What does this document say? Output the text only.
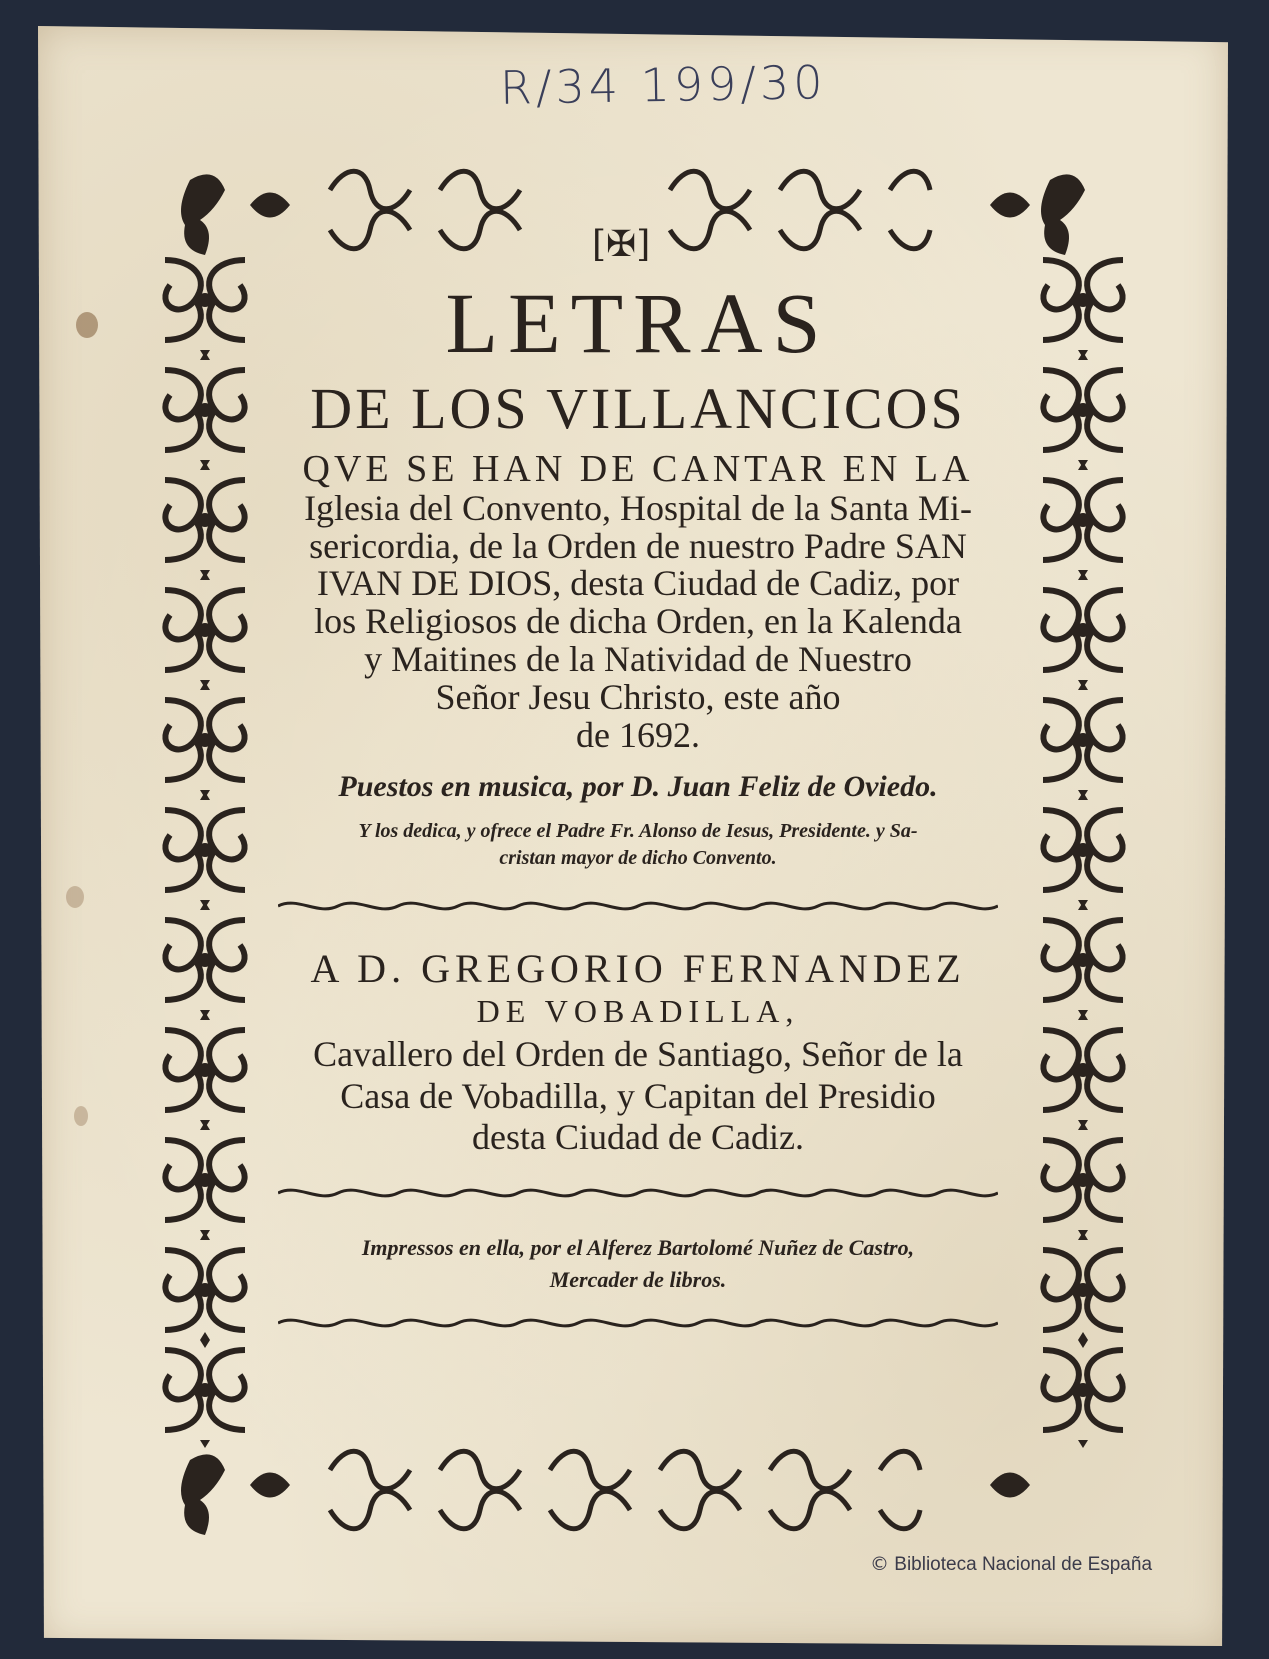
R/34 199/30
[✠]

LETRAS

DE LOS VILLANCICOS

QVE SE HAN DE CANTAR EN LA

Iglesia del Convento, Hospital de la Santa Mi-

sericordia, de la Orden de nuestro Padre SAN

IVAN DE DIOS, desta Ciudad de Cadiz, por

los Religiosos de dicha Orden, en la Kalenda

y Maitines de la Natividad de Nuestro

Señor Jesu Christo, este año

de 1692.

Puestos en musica, por D. Juan Feliz de Oviedo.

Y los dedica, y ofrece el Padre Fr. Alonso de Iesus, Presidente. y Sa-

cristan mayor de dicho Convento.

A D. GREGORIO FERNANDEZ

DE VOBADILLA,

Cavallero del Orden de Santiago, Señor de la

Casa de Vobadilla, y Capitan del Presidio

desta Ciudad de Cadiz.

Impressos en ella, por el Alferez Bartolomé Nuñez de Castro,

Mercader de libros.

© Biblioteca Nacional de España
